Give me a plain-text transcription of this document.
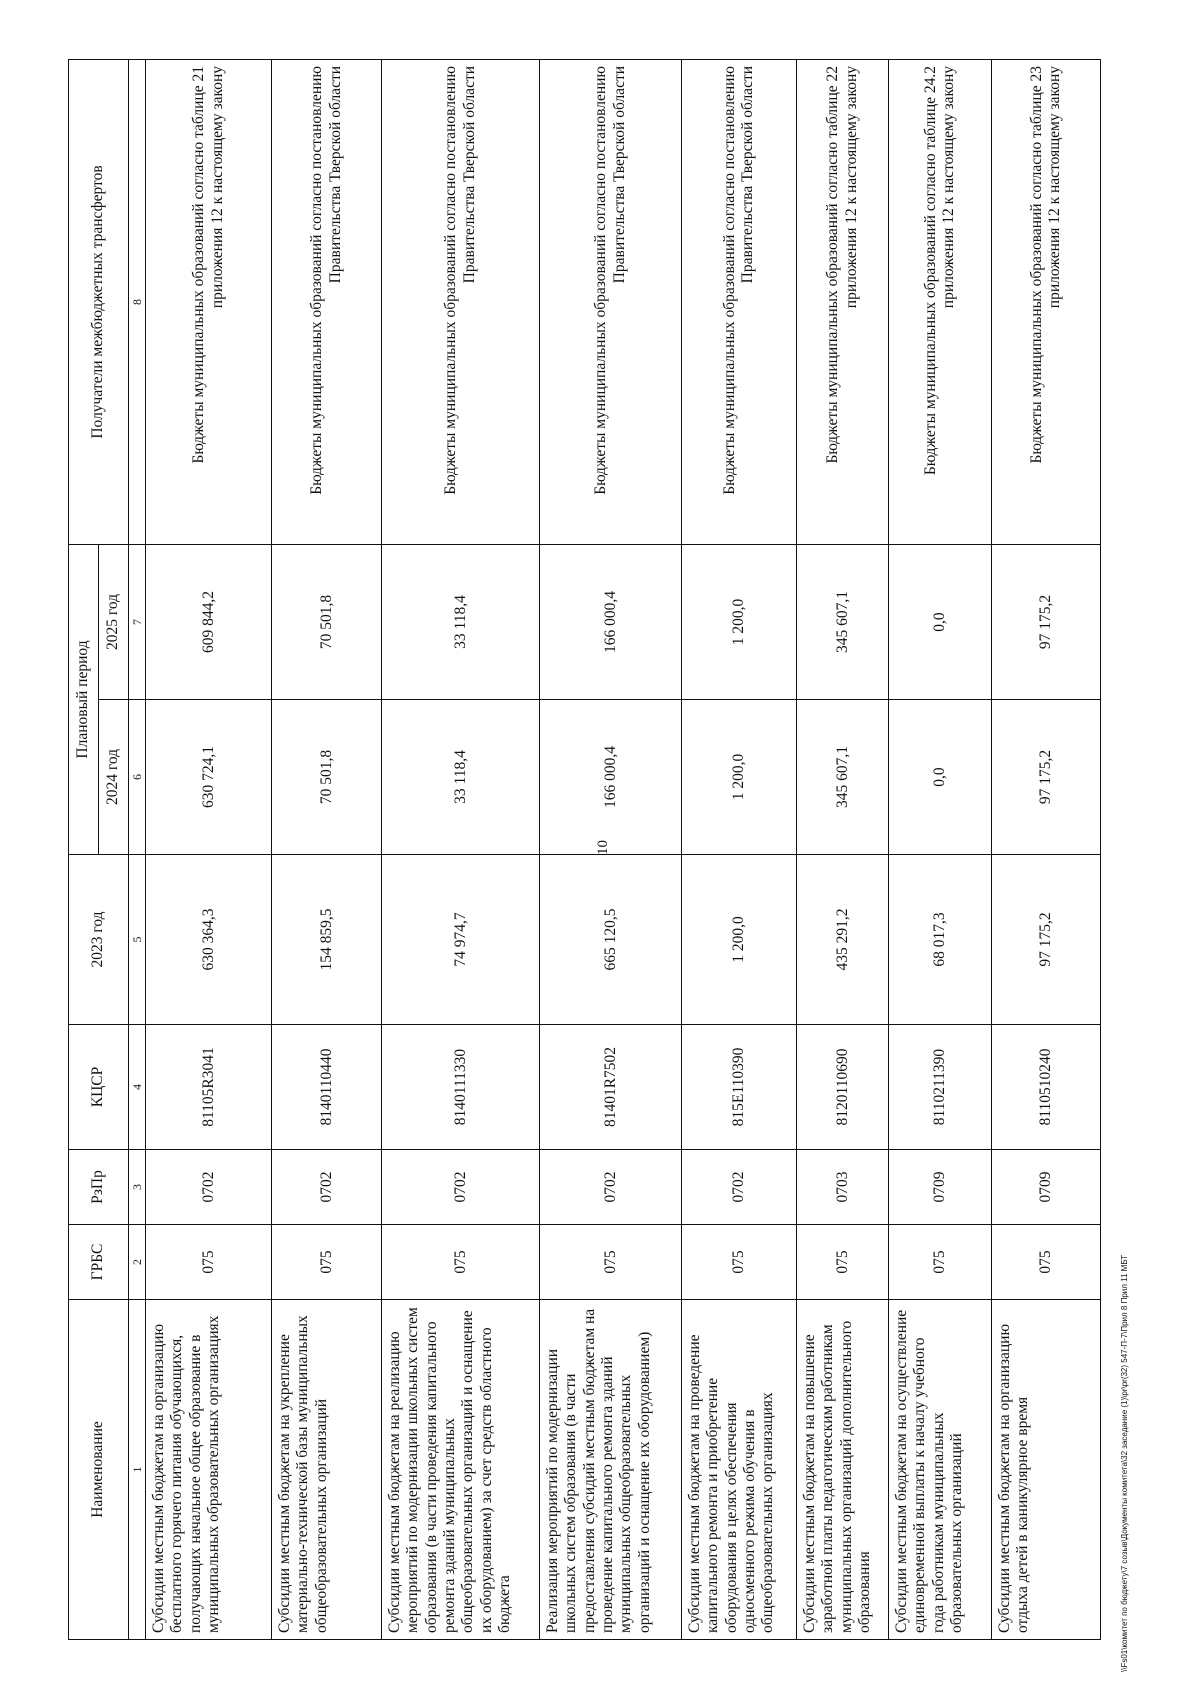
10
Наименование	ГРБС	РзПр	КЦСР	2023 год	Плановый период		Получатели межбюджетных трансфертов
					2024 год	2025 год	
1	2	3	4	5	6	7	8
Субсидии местным бюджетам на организацию бесплатного горячего питания обучающихся, получающих начальное общее образование в муниципальных образовательных организациях	075	0702	81105R3041	630 364,3	630 724,1	609 844,2	Бюджеты муниципальных образований согласно таблице 21 приложения 12 к настоящему закону
Субсидии местным бюджетам на укрепление материально-технической базы муниципальных общеобразовательных организаций	075	0702	8140110440	154 859,5	70 501,8	70 501,8	Бюджеты муниципальных образований согласно постановлению Правительства Тверской области
Субсидии местным бюджетам на реализацию мероприятий по модернизации школьных систем образования (в части проведения капитального ремонта зданий муниципальных общеобразовательных организаций и оснащение их оборудованием) за счет средств областного бюджета	075	0702	8140111330	74 974,7	33 118,4	33 118,4	Бюджеты муниципальных образований согласно постановлению Правительства Тверской области
Реализация мероприятий по модернизации школьных систем образования (в части предоставления субсидий местным бюджетам на проведение капитального ремонта зданий муниципальных общеобразовательных организаций и оснащение их оборудованием)	075	0702	81401R7502	665 120,5	166 000,4	166 000,4	Бюджеты муниципальных образований согласно постановлению Правительства Тверской области
Субсидии местным бюджетам на проведение капитального ремонта и приобретение оборудования в целях обеспечения односменного режима обучения в общеобразовательных организациях	075	0702	815E110390	1 200,0	1 200,0	1 200,0	Бюджеты муниципальных образований согласно постановлению Правительства Тверской области
Субсидии местным бюджетам на повышение заработной платы педагогическим работникам муниципальных организаций дополнительного образования	075	0703	8120110690	435 291,2	345 607,1	345 607,1	Бюджеты муниципальных образований согласно таблице 22 приложения 12 к настоящему закону
Субсидии местным бюджетам на осуществление единовременной выплаты к началу учебного года работникам муниципальных образовательных организаций	075	0709	8110211390	68 017,3	0,0	0,0	Бюджеты муниципальных образований согласно таблице 24.2 приложения 12 к настоящему закону
Субсидии местным бюджетам на организацию отдыха детей в каникулярное время	075	0709	8110510240	97 175,2	97 175,2	97 175,2	Бюджеты муниципальных образований согласно таблице 23 приложения 12 к настоящему закону
\\Fs01\комитет по бюджету\7 созыв\Документы комитета\32 заседание (1)\pr\pr(32) 547-П-7\Прил 8 Прил 11 МБТ
